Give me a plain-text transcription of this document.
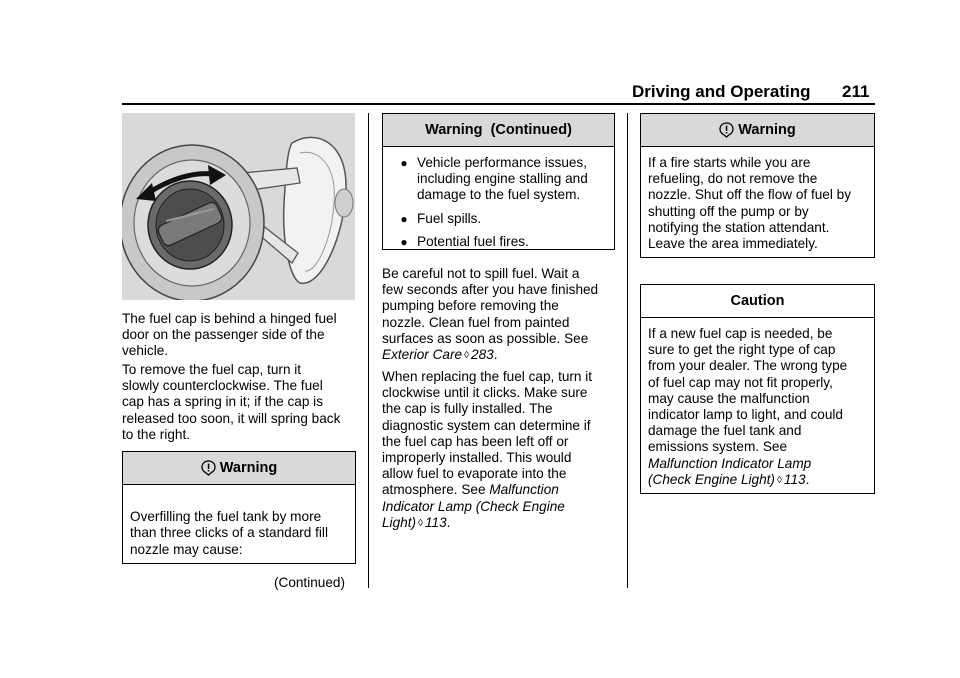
Driving and Operating 211
The fuel cap is behind a hinged fuel
door on the passenger side of the
vehicle.
To remove the fuel cap, turn it
slowly counterclockwise. The fuel
cap has a spring in it; if the cap is
released too soon, it will spring back
to the right.
Warning

Overfilling the fuel tank by more
than three clicks of a standard fill
nozzle may cause:

(Continued)

Warning  (Continued)
● Vehicle performance issues,
including engine stalling and
damage to the fuel system.
● Fuel spills.
● Potential fuel fires.
Be careful not to spill fuel. Wait a
few seconds after you have finished
pumping before removing the
nozzle. Clean fuel from painted
surfaces as soon as possible. See
Exterior Care ◊ 283.
When replacing the fuel cap, turn it
clockwise until it clicks. Make sure
the cap is fully installed. The
diagnostic system can determine if
the fuel cap has been left off or
improperly installed. This would
allow fuel to evaporate into the
atmosphere. See Malfunction
Indicator Lamp (Check Engine
Light) ◊ 113.
Warning
If a fire starts while you are
refueling, do not remove the
nozzle. Shut off the flow of fuel by
shutting off the pump or by
notifying the station attendant.
Leave the area immediately.
Caution
If a new fuel cap is needed, be
sure to get the right type of cap
from your dealer. The wrong type
of fuel cap may not fit properly,
may cause the malfunction
indicator lamp to light, and could
damage the fuel tank and
emissions system. See
Malfunction Indicator Lamp
(Check Engine Light) ◊ 113.
